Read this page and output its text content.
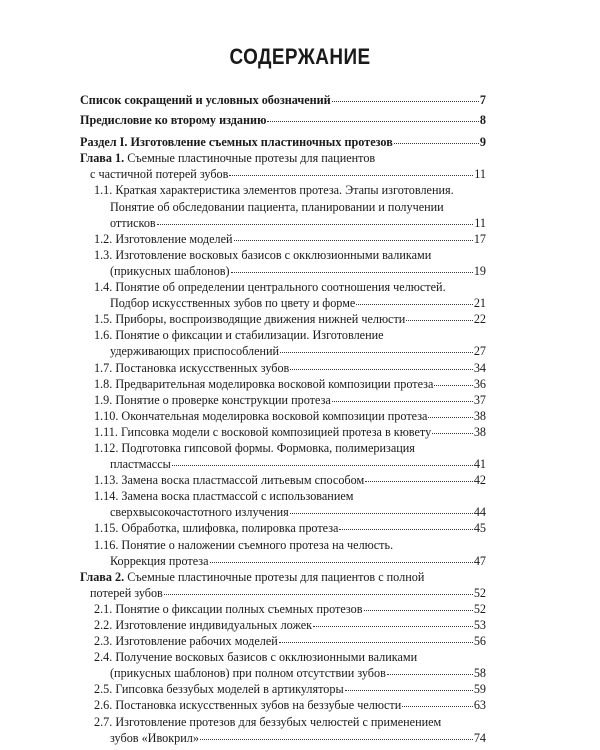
СОДЕРЖАНИЕ
Список сокращений и условных обозначений	7
Предисловие ко второму изданию	8
Раздел I. Изготовление съемных пластиночных протезов	9
Глава 1. Съемные пластиночные протезы для пациентов
с частичной потерей зубов	11
1.1. Краткая характеристика элементов протеза. Этапы изготовления.
Понятие об обследовании пациента, планировании и получении
оттисков	11
1.2. Изготовление моделей	17
1.3. Изготовление восковых базисов с окклюзионными валиками
(прикусных шаблонов)	19
1.4. Понятие об определении центрального соотношения челюстей.
Подбор искусственных зубов по цвету и форме	21
1.5. Приборы, воспроизводящие движения нижней челюсти	22
1.6. Понятие о фиксации и стабилизации. Изготовление
удерживающих приспособлений	27
1.7. Постановка искусственных зубов	34
1.8. Предварительная моделировка восковой композиции протеза	36
1.9. Понятие о проверке конструкции протеза	37
1.10. Окончательная моделировка восковой композиции протеза	38
1.11. Гипсовка модели с восковой композицией протеза в кювету	38
1.12. Подготовка гипсовой формы. Формовка, полимеризация
пластмассы	41
1.13. Замена воска пластмассой литьевым способом	42
1.14. Замена воска пластмассой с использованием
сверхвысокочастотного излучения	44
1.15. Обработка, шлифовка, полировка протеза	45
1.16. Понятие о наложении съемного протеза на челюсть.
Коррекция протеза	47
Глава 2. Съемные пластиночные протезы для пациентов с полной
потерей зубов	52
2.1. Понятие о фиксации полных съемных протезов	52
2.2. Изготовление индивидуальных ложек	53
2.3. Изготовление рабочих моделей	56
2.4. Получение восковых базисов с окклюзионными валиками
(прикусных шаблонов) при полном отсутствии зубов	58
2.5. Гипсовка беззубых моделей в артикуляторы	59
2.6. Постановка искусственных зубов на беззубые челюсти	63
2.7. Изготовление протезов для беззубых челюстей с применением
зубов «Ивокрил»	74
